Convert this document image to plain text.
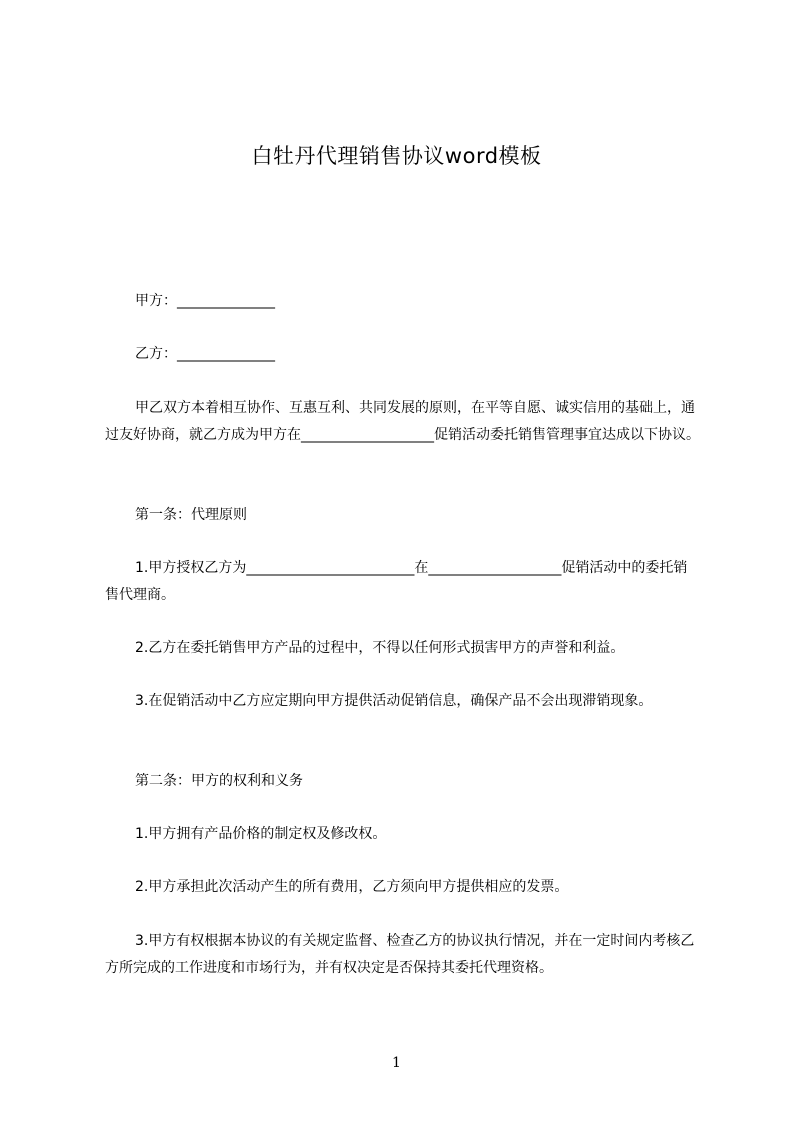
白牡丹代理销售协议word模板
甲方：______________
乙方：______________
甲乙双方本着相互协作、互惠互利、共同发展的原则，在平等自愿、诚实信用的基础上，通过友好协商，就乙方成为甲方在___________________促销活动委托销售管理事宜达成以下协议。
第一条：代理原则
1.甲方授权乙方为________________________在___________________促销活动中的委托销售代理商。
2.乙方在委托销售甲方产品的过程中，不得以任何形式损害甲方的声誉和利益。
3.在促销活动中乙方应定期向甲方提供活动促销信息，确保产品不会出现滞销现象。
第二条：甲方的权利和义务
1.甲方拥有产品价格的制定权及修改权。
2.甲方承担此次活动产生的所有费用，乙方须向甲方提供相应的发票。
3.甲方有权根据本协议的有关规定监督、检查乙方的协议执行情况，并在一定时间内考核乙方所完成的工作进度和市场行为，并有权决定是否保持其委托代理资格。
1
